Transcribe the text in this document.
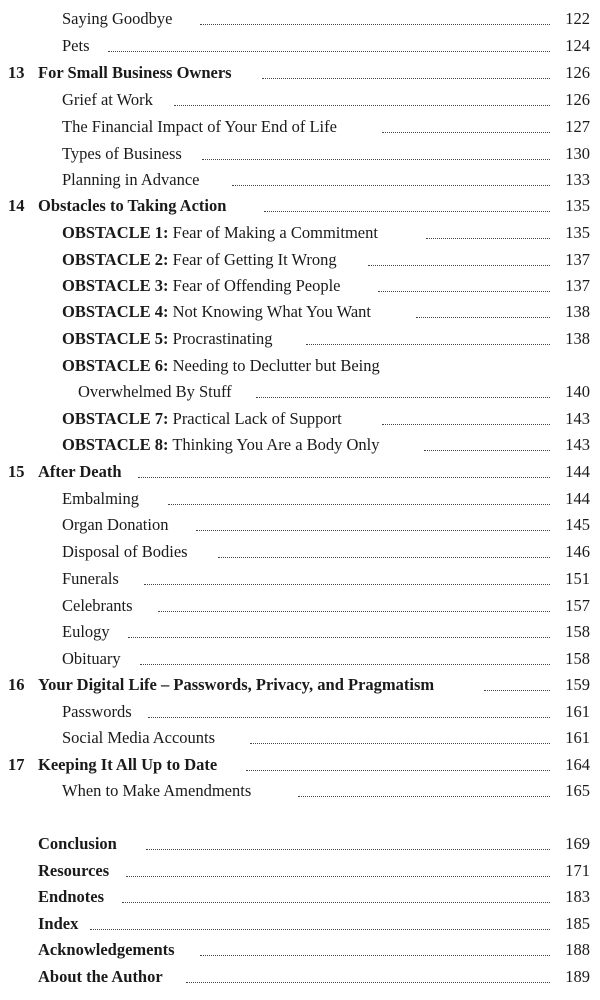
Saying Goodbye	122
Pets	124
13 For Small Business Owners	126
Grief at Work	126
The Financial Impact of Your End of Life	127
Types of Business	130
Planning in Advance	133
14 Obstacles to Taking Action	135
OBSTACLE 1: Fear of Making a Commitment	135
OBSTACLE 2: Fear of Getting It Wrong	137
OBSTACLE 3: Fear of Offending People	137
OBSTACLE 4: Not Knowing What You Want	138
OBSTACLE 5: Procrastinating	138
OBSTACLE 6: Needing to Declutter but Being
Overwhelmed By Stuff	140
OBSTACLE 7: Practical Lack of Support	143
OBSTACLE 8: Thinking You Are a Body Only	143
15 After Death	144
Embalming	144
Organ Donation	145
Disposal of Bodies	146
Funerals	151
Celebrants	157
Eulogy	158
Obituary	158
16 Your Digital Life – Passwords, Privacy, and Pragmatism	159
Passwords	161
Social Media Accounts	161
17 Keeping It All Up to Date	164
When to Make Amendments	165
Conclusion	169
Resources	171
Endnotes	183
Index	185
Acknowledgements	188
About the Author	189
